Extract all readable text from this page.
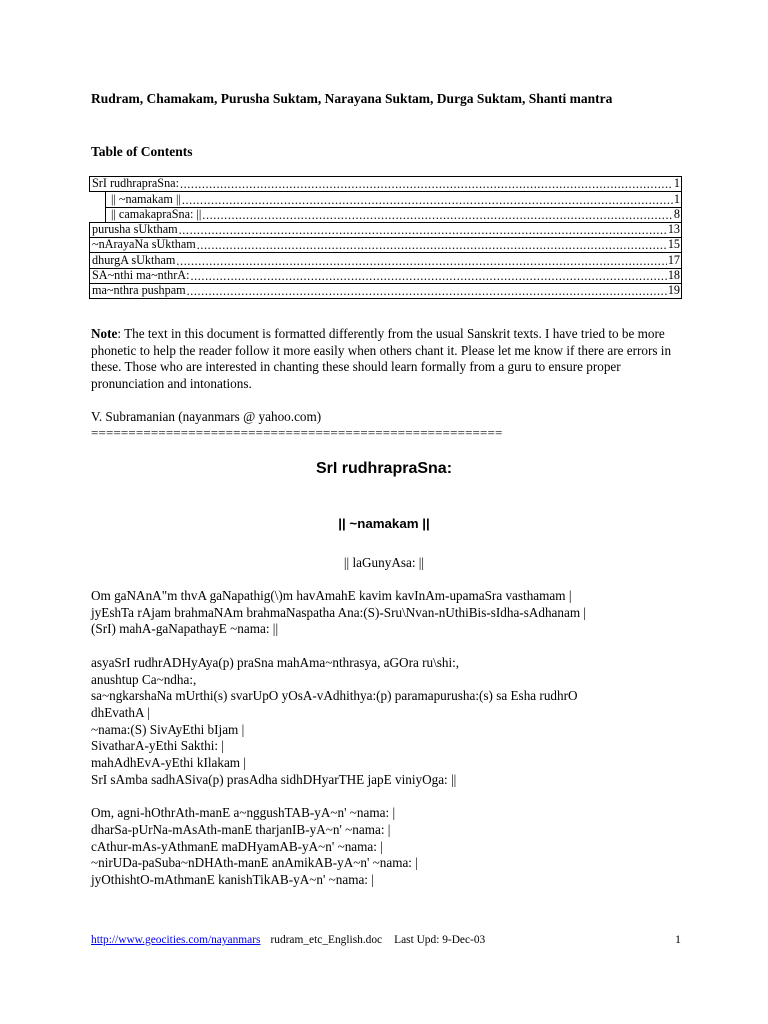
Rudram, Chamakam, Purusha Suktam, Narayana Suktam, Durga Suktam, Shanti mantra
Table of Contents
SrI rudhrapraSna: .....	1
|| ~namakam || .....	1
|| camakapraSna: || .....	8
purusha sUktham .....	13
~nArayaNa sUktham .....	15
dhurgA sUktham .....	17
SA~nthi ma~nthrA: .....	18
ma~nthra pushpam .....	19
Note: The text in this document is formatted differently from the usual Sanskrit texts. I have tried to be more phonetic to help the reader follow it more easily when others chant it. Please let me know if there are errors in these. Those who are interested in chanting these should learn formally from a guru to ensure proper pronunciation and intonations.
V. Subramanian (nayanmars @ yahoo.com)
=======================================================
SrI rudhrapraSna:
|| ~namakam ||
|| laGunyAsa: ||
Om gaNAnA"m thvA gaNapathig(\)m havAmahE kavim kavInAm-upamaSra vasthamam |
jyEshTa rAjam brahmaNAm brahmaNaspatha Ana:(S)-Sru\Nvan-nUthiBis-sIdha-sAdhanam |
(SrI) mahA-gaNapathayE ~nama: ||
asyaSrI rudhrADHyAya(p) praSna mahAma~nthrasya, aGOra ru\shi:,
anushtup Ca~ndha:,
sa~ngkarshaNa mUrthi(s) svarUpO yOsA-vAdhithya:(p) paramapurusha:(s) sa Esha rudhrO
dhEvathA |
~nama:(S) SivAyEthi bIjam |
SivatharA-yEthi Sakthi: |
mahAdhEvA-yEthi kIlakam |
SrI sAmba sadhASiva(p) prasAdha sidhDHyarTHE japE viniyOga: ||
Om, agni-hOthrAth-manE a~nggushTAB-yA~n' ~nama: |
dharSa-pUrNa-mAsAth-manE tharjanIB-yA~n' ~nama: |
cAthur-mAs-yAthmanE maDHyamAB-yA~n' ~nama: |
~nirUDa-paSuba~nDHAth-manE anAmikAB-yA~n' ~nama: |
jyOthishtO-mAthmanE kanishTikAB-yA~n' ~nama: |
http://www.geocities.com/nayanmars rudram_etc_English.doc Last Upd: 9-Dec-03	1
